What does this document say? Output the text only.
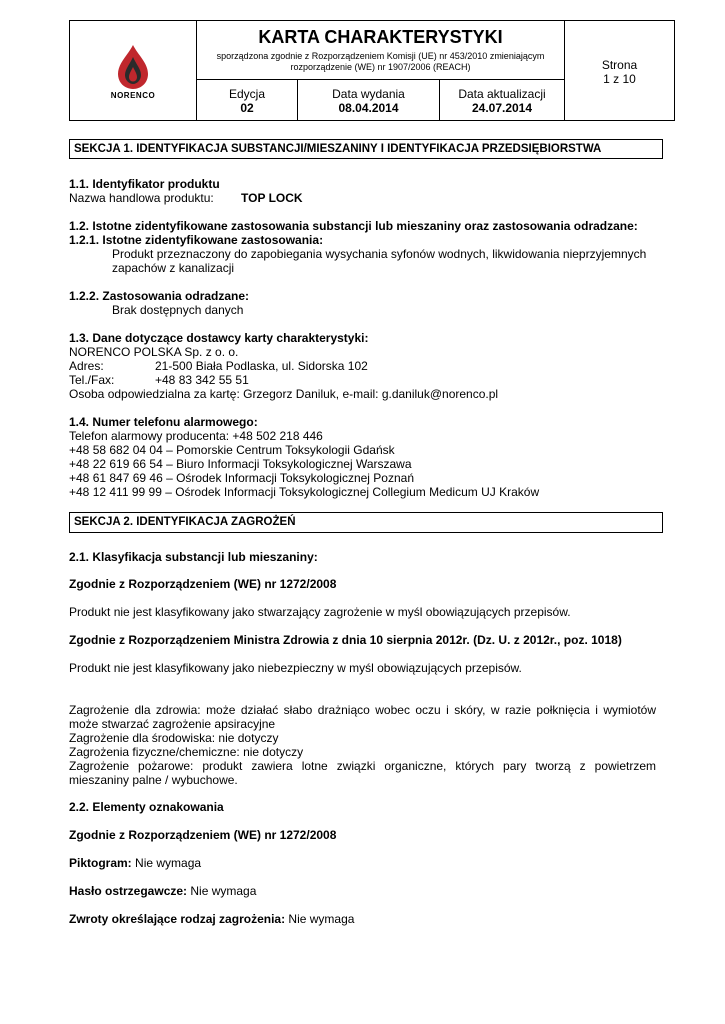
NORENCO
KARTA CHARAKTERYSTYKI
sporządzona zgodnie z Rozporządzeniem Komisji (UE) nr 453/2010 zmieniającym
rozporządzenie (WE) nr 1907/2006 (REACH)
Edycja
02
Data wydania
08.04.2014
Data aktualizacji
24.07.2014
Strona
1 z 10
SEKCJA 1. IDENTYFIKACJA SUBSTANCJI/MIESZANINY I IDENTYFIKACJA PRZEDSIĘBIORSTWA
1.1. Identyfikator produktu
Nazwa handlowa produktu: TOP LOCK
1.2. Istotne zidentyfikowane zastosowania substancji lub mieszaniny oraz zastosowania odradzane:
1.2.1. Istotne zidentyfikowane zastosowania:
Produkt przeznaczony do zapobiegania wysychania syfonów wodnych, likwidowania nieprzyjemnych
zapachów z kanalizacji
1.2.2. Zastosowania odradzane:
Brak dostępnych danych
1.3. Dane dotyczące dostawcy karty charakterystyki:
NORENCO POLSKA Sp. z o. o.
Adres:	21-500 Biała Podlaska, ul. Sidorska 102
Tel./Fax:	+48 83 342 55 51
Osoba odpowiedzialna za kartę: Grzegorz Daniluk, e-mail: g.daniluk@norenco.pl
1.4. Numer telefonu alarmowego:
Telefon alarmowy producenta: +48 502 218 446
+48 58 682 04 04 – Pomorskie Centrum Toksykologii Gdańsk
+48 22 619 66 54 – Biuro Informacji Toksykologicznej Warszawa
+48 61 847 69 46 – Ośrodek Informacji Toksykologicznej Poznań
+48 12 411 99 99 – Ośrodek Informacji Toksykologicznej Collegium Medicum UJ Kraków
SEKCJA 2. IDENTYFIKACJA ZAGROŻEŃ
2.1. Klasyfikacja substancji lub mieszaniny:
Zgodnie z Rozporządzeniem (WE) nr 1272/2008
Produkt nie jest klasyfikowany jako stwarzający zagrożenie w myśl obowiązujących przepisów.
Zgodnie z Rozporządzeniem Ministra Zdrowia z dnia 10 sierpnia 2012r. (Dz. U. z 2012r., poz. 1018)
Produkt nie jest klasyfikowany jako niebezpieczny w myśl obowiązujących przepisów.
Zagrożenie dla zdrowia: może działać słabo drażniąco wobec oczu i skóry, w razie połknięcia i wymiotów
może stwarzać zagrożenie apsiracyjne
Zagrożenie dla środowiska: nie dotyczy
Zagrożenia fizyczne/chemiczne: nie dotyczy
Zagrożenie pożarowe: produkt zawiera lotne związki organiczne, których pary tworzą z powietrzem
mieszaniny palne / wybuchowe.
2.2. Elementy oznakowania
Zgodnie z Rozporządzeniem (WE) nr 1272/2008
Piktogram: Nie wymaga
Hasło ostrzegawcze: Nie wymaga
Zwroty określające rodzaj zagrożenia: Nie wymaga
